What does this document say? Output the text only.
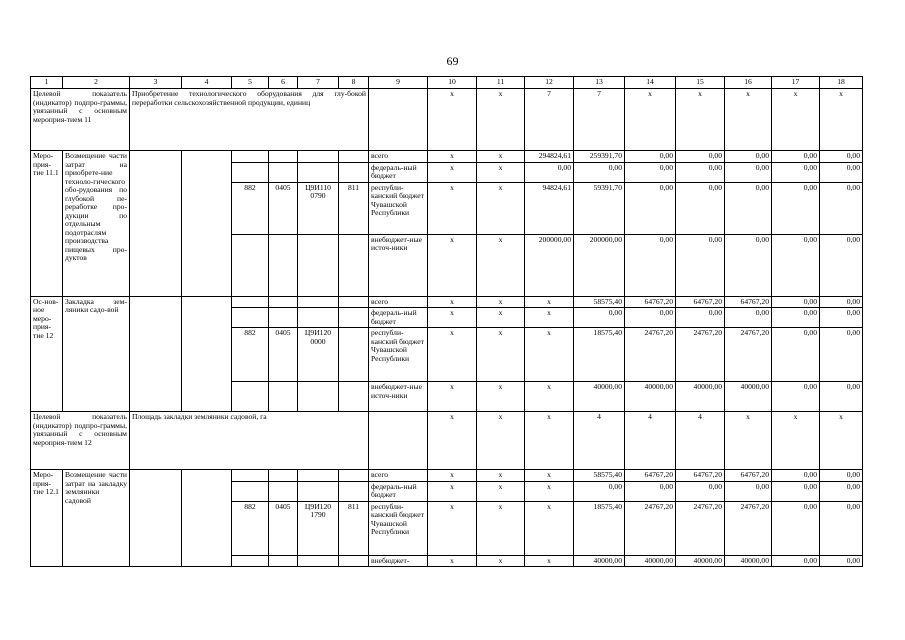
69
1	2	3	4	5	6	7	8	9	10	11	12	13	14	15	16	17	18
Целевой показатель (индикатор) подпро-граммы, увязанный с основным мероприя-тием 11		Приобретение технологического оборудования для глу-бокой переработки сельскохозяйственной продукции, единиц							x	x	7	7	x	x	x	x	x
Меро-прия-тие 11.1	Возмещение части затрат на приобрете-ние техноло-гического обо-рудования по глубокой пе-реработке про-дукции по отдельным подотраслям производства пищевых про-дуктов							всего	x	x	294824,61	259391,70	0,00	0,00	0,00	0,00	0,00
								федераль-ный бюджет	x	x	0,00	0,00	0,00	0,00	0,00	0,00	0,00
				882	0405	Ц9И110 0790	811	республи-канский бюджет Чувашской Республики	x	x	94824,61	59391,70	0,00	0,00	0,00	0,00	0,00
								внебюджет-ные источ-ники	x	x	200000,00	200000,00	0,00	0,00	0,00	0,00	0,00
Ос-нов-ное меро-прия-тие 12	Закладка зем-ляники садо-вой							всего	x	x	x	58575,40	64767,20	64767,20	64767,20	0,00	0,00
								федераль-ный бюджет	x	x	x	0,00	0,00	0,00	0,00	0,00	0,00
				882	0405	Ц9И120 0000		республи-канский бюджет Чувашской Республики	x	x	x	18575,40	24767,20	24767,20	24767,20	0,00	0,00
								внебюджет-ные источ-ники	x	x	x	40000,00	40000,00	40000,00	40000,00	0,00	0,00
Целевой показатель (индикатор) подпро-граммы, увязанный с основным мероприя-тием 12		Площадь закладки земляники садовой, га							x	x	x	4	4	4	x	x	x
Меро-прия-тие 12.1	Возмещение части затрат на закладку земляники садовой							всего	x	x	x	58575,40	64767,20	64767,20	64767,20	0,00	0,00
								федераль-ный бюджет	x	x	x	0,00	0,00	0,00	0,00	0,00	0,00
				882	0405	Ц9И120 1790	811	республи-канский бюджет Чувашской Республики	x	x	x	18575,40	24767,20	24767,20	24767,20	0,00	0,00
								внебюджет-	x	x	x	40000,00	40000,00	40000,00	40000,00	0,00	0,00
